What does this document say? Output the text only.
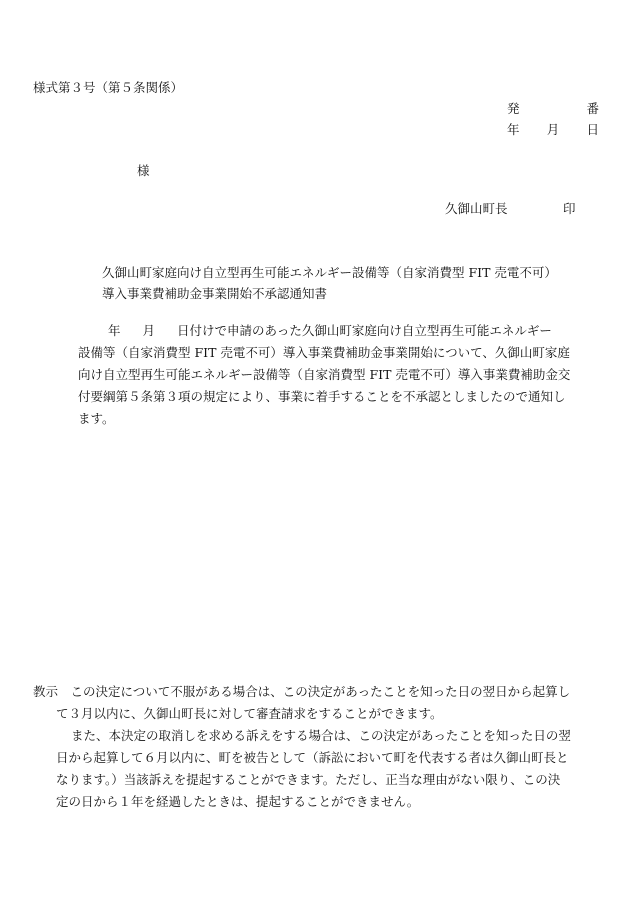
様式第３号（第５条関係）
発	番
年 月 日
様
久御山町長	印
久御山町家庭向け自立型再生可能エネルギー設備等（自家消費型 FIT 売電不可）
導入事業費補助金事業開始不承認通知書
年 月 日付けで申請のあった久御山町家庭向け自立型再生可能エネルギー
設備等（自家消費型 FIT 売電不可）導入事業費補助金事業開始について、久御山町家庭
向け自立型再生可能エネルギー設備等（自家消費型 FIT 売電不可）導入事業費補助金交
付要綱第５条第３項の規定により、事業に着手することを不承認としましたので通知し
ます。
教示　 この決定について不服がある場合は、この決定があったことを知った日の翌日から起算し
て３月以内に、久御山町長に対して審査請求をすることができます。
また、本決定の取消しを求める訴えをする場合は、この決定があったことを知った日の翌
日から起算して６月以内に、町を被告として（訴訟において町を代表する者は久御山町長と
なります。）当該訴えを提起することができます。ただし、正当な理由がない限り、この決
定の日から１年を経過したときは、提起することができません。
